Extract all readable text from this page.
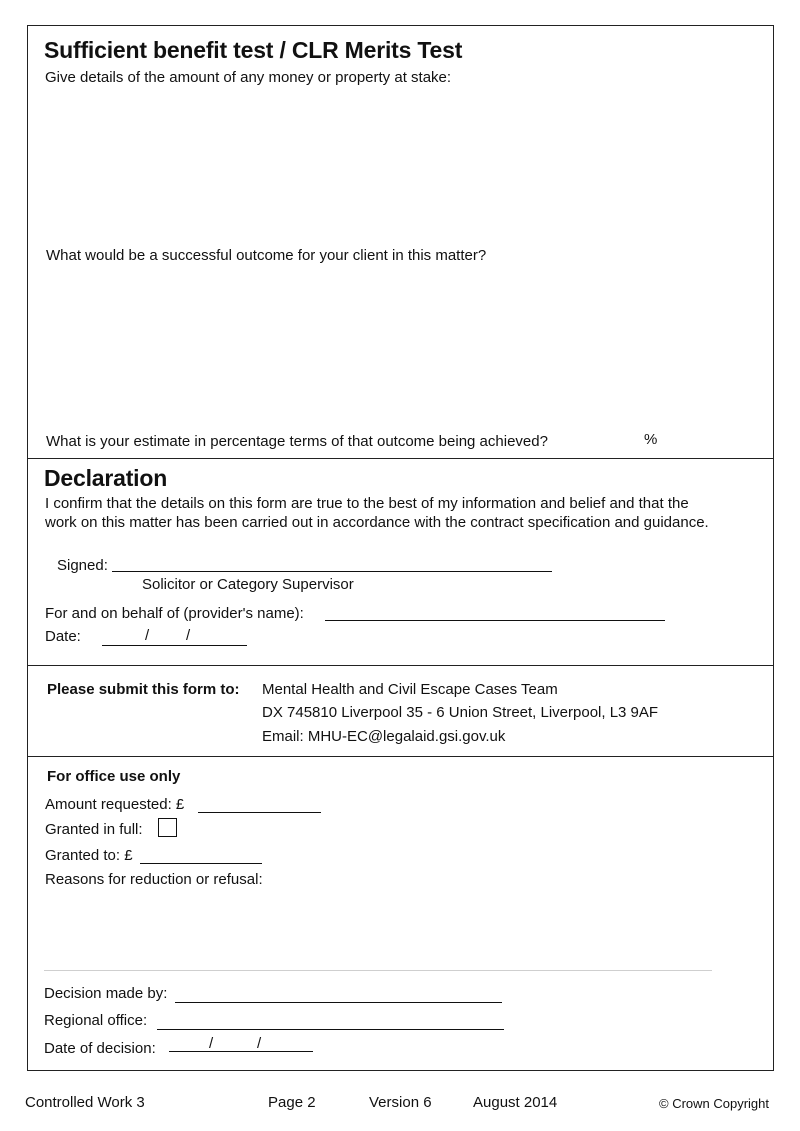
Sufficient benefit test / CLR Merits Test
Give details of the amount of any money or property at stake:
What would be a successful outcome for your client in this matter?
What is your estimate in percentage terms of that outcome being achieved?	%
Declaration
I confirm that the details on this form are true to the best of my information and belief and that the
work on this matter has been carried out in accordance with the contract specification and guidance.
Signed:
Solicitor or Category Supervisor
For and on behalf of (provider's name):
Date:	/ /
Please submit this form to: Mental Health and Civil Escape Cases Team
DX 745810 Liverpool 35 - 6 Union Street, Liverpool, L3 9AF
Email: MHU-EC@legalaid.gsi.gov.uk
For office use only
Amount requested: £
Granted in full:
Granted to: £
Reasons for reduction or refusal:
Decision made by:
Regional office:
Date of decision:	/	/
Controlled Work 3	Page 2	Version 6	August 2014	© Crown Copyright
